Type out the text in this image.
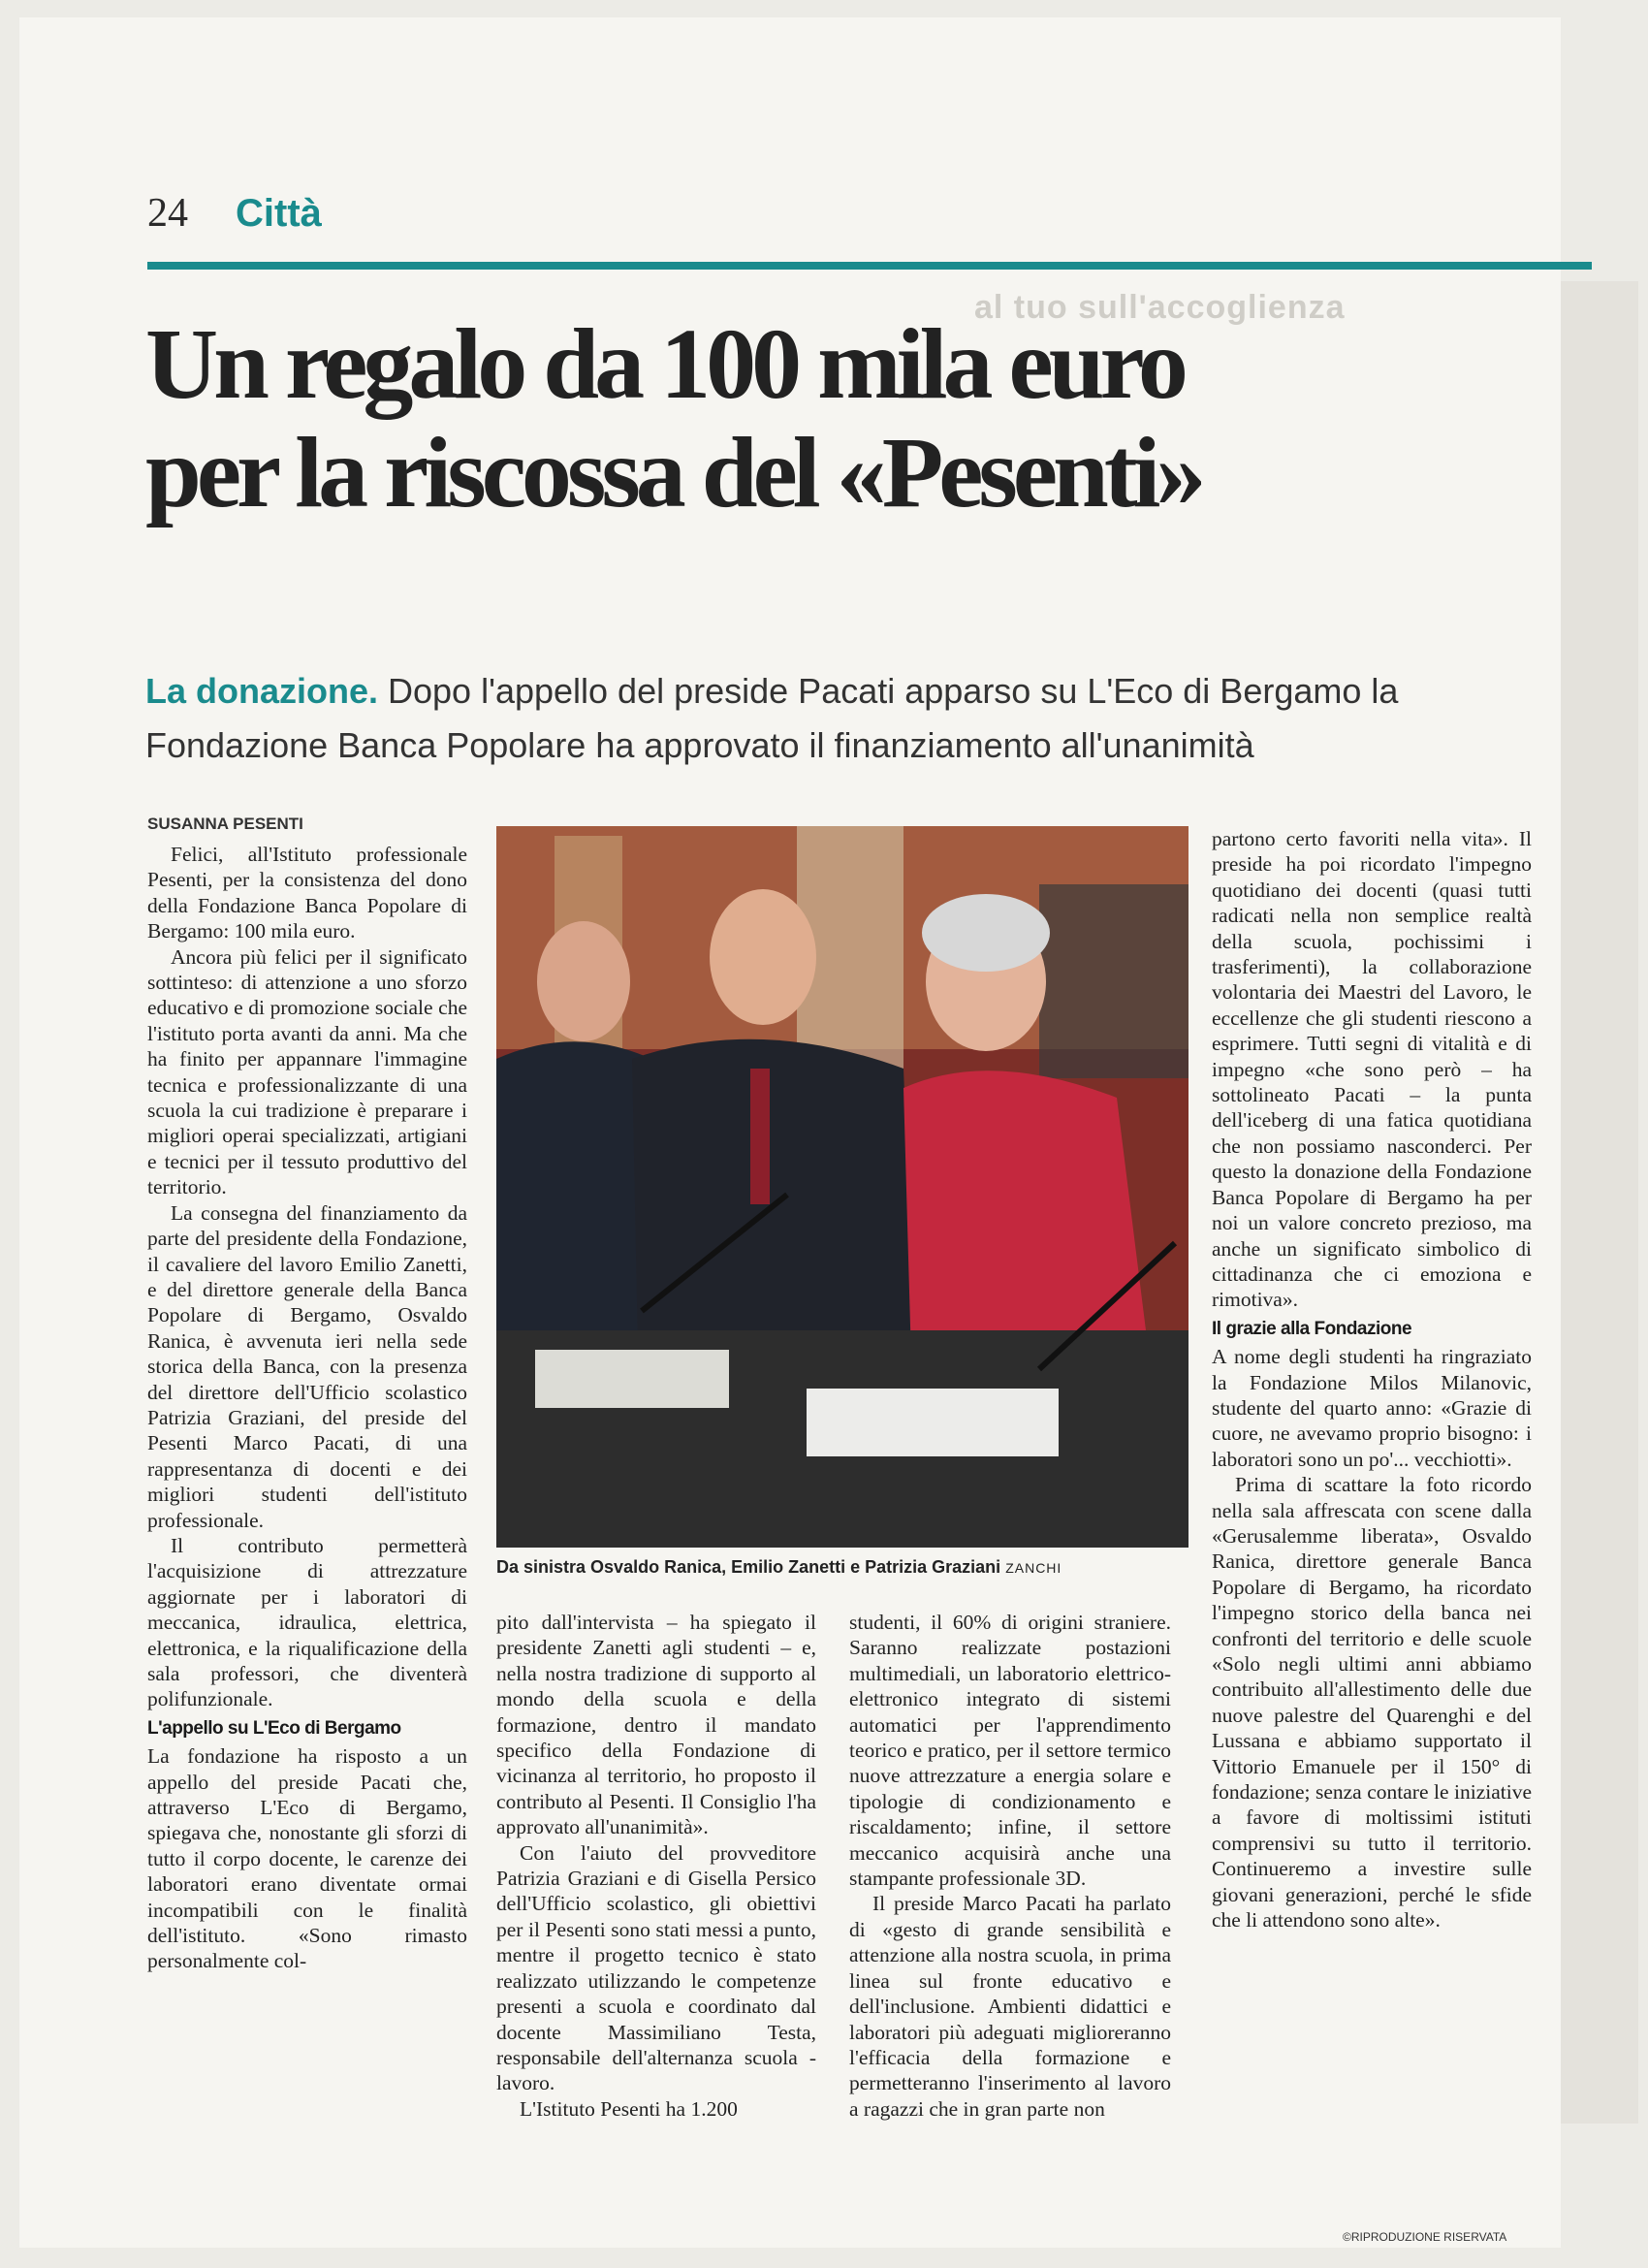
24 Città
al tuo sull'accoglienza
Un regalo da 100 mila euro
per la riscossa del «Pesenti»
La donazione. Dopo l'appello del preside Pacati apparso su L'Eco di Bergamo la Fondazione Banca Popolare ha approvato il finanziamento all'unanimità
SUSANNA PESENTI

Felici, all'Istituto professionale Pesenti, per la consistenza del dono della Fondazione Banca Popolare di Bergamo: 100 mila euro.

Ancora più felici per il significato sottinteso: di attenzione a uno sforzo educativo e di promozione sociale che l'istituto porta avanti da anni. Ma che ha finito per appannare l'immagine tecnica e professionalizzante di una scuola la cui tradizione è preparare i migliori operai specializzati, artigiani e tecnici per il tessuto produttivo del territorio.

La consegna del finanziamento da parte del presidente della Fondazione, il cavaliere del lavoro Emilio Zanetti, e del direttore generale della Banca Popolare di Bergamo, Osvaldo Ranica, è avvenuta ieri nella sede storica della Banca, con la presenza del direttore dell'Ufficio scolastico Patrizia Graziani, del preside del Pesenti Marco Pacati, di una rappresentanza di docenti e dei migliori studenti dell'istituto professionale.

Il contributo permetterà l'acquisizione di attrezzature aggiornate per i laboratori di meccanica, idraulica, elettrica, elettronica, e la riqualificazione della sala professori, che diventerà polifunzionale.

L'appello su L'Eco di Bergamo

La fondazione ha risposto a un appello del preside Pacati che, attraverso L'Eco di Bergamo, spiegava che, nonostante gli sforzi di tutto il corpo docente, le carenze dei laboratori erano diventate ormai incompatibili con le finalità dell'istituto. «Sono rimasto personalmente col-

Da sinistra Osvaldo Ranica, Emilio Zanetti e Patrizia Graziani ZANCHI

pito dall'intervista – ha spiegato il presidente Zanetti agli studenti – e, nella nostra tradizione di supporto al mondo della scuola e della formazione, dentro il mandato specifico della Fondazione di vicinanza al territorio, ho proposto il contributo al Pesenti. Il Consiglio l'ha approvato all'unanimità».

Con l'aiuto del provveditore Patrizia Graziani e di Gisella Persico dell'Ufficio scolastico, gli obiettivi per il Pesenti sono stati messi a punto, mentre il progetto tecnico è stato realizzato utilizzando le competenze presenti a scuola e coordinato dal docente Massimiliano Testa, responsabile dell'alternanza scuola -lavoro.

L'Istituto Pesenti ha 1.200

studenti, il 60% di origini straniere. Saranno realizzate postazioni multimediali, un laboratorio elettrico-elettronico integrato di sistemi automatici per l'apprendimento teorico e pratico, per il settore termico nuove attrezzature a energia solare e tipologie di condizionamento e riscaldamento; infine, il settore meccanico acquisirà anche una stampante professionale 3D.

Il preside Marco Pacati ha parlato di «gesto di grande sensibilità e attenzione alla nostra scuola, in prima linea sul fronte educativo e dell'inclusione. Ambienti didattici e laboratori più adeguati miglioreranno l'efficacia della formazione e permetteranno l'inserimento al lavoro a ragazzi che in gran parte non

partono certo favoriti nella vita». Il preside ha poi ricordato l'impegno quotidiano dei docenti (quasi tutti radicati nella non semplice realtà della scuola, pochissimi i trasferimenti), la collaborazione volontaria dei Maestri del Lavoro, le eccellenze che gli studenti riescono a esprimere. Tutti segni di vitalità e di impegno «che sono però – ha sottolineato Pacati – la punta dell'iceberg di una fatica quotidiana che non possiamo nasconderci. Per questo la donazione della Fondazione Banca Popolare di Bergamo ha per noi un valore concreto prezioso, ma anche un significato simbolico di cittadinanza che ci emoziona e rimotiva».

Il grazie alla Fondazione

A nome degli studenti ha ringraziato la Fondazione Milos Milanovic, studente del quarto anno: «Grazie di cuore, ne avevamo proprio bisogno: i laboratori sono un po'... vecchiotti».

Prima di scattare la foto ricordo nella sala affrescata con scene dalla «Gerusalemme liberata», Osvaldo Ranica, direttore generale Banca Popolare di Bergamo, ha ricordato l'impegno storico della banca nei confronti del territorio e delle scuole «Solo negli ultimi anni abbiamo contribuito all'allestimento delle due nuove palestre del Quarenghi e del Lussana e abbiamo supportato il Vittorio Emanuele per il 150° di fondazione; senza contare le iniziative a favore di moltissimi istituti comprensivi su tutto il territorio. Continueremo a investire sulle giovani generazioni, perché le sfide che li attendono sono alte».

©RIPRODUZIONE RISERVATA
